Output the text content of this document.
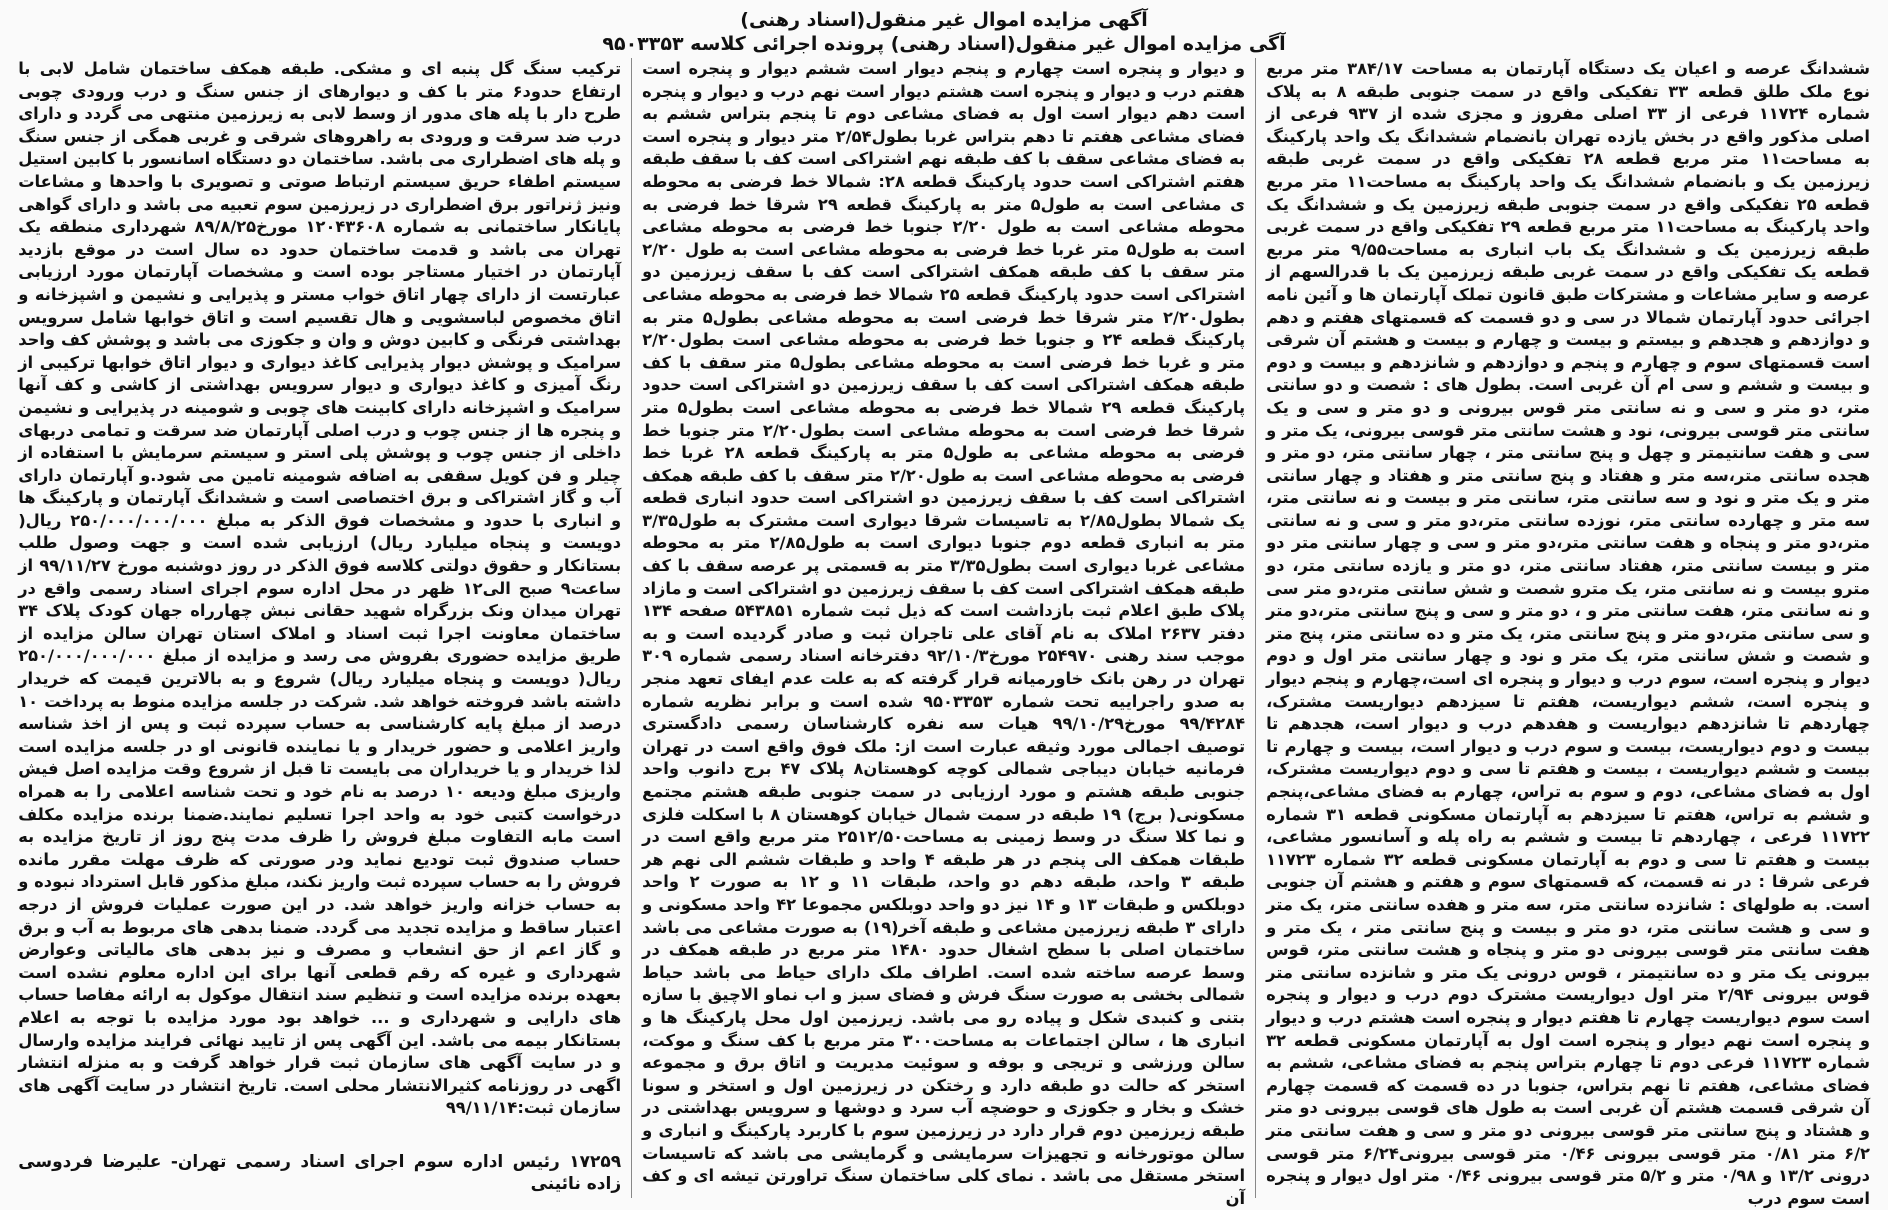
آگهی مزایده اموال غیر منقول(اسناد رهنی)
آگی مزایده اموال غیر منقول(اسناد رهنی) پرونده اجرائی کلاسه ۹۵۰۳۳۵۳
ششدانگ عرصه و اعیان یک دستگاه آپارتمان به مساحت ۳۸۴/۱۷ متر مربع نوع ملک طلق قطعه ۳۳ تفکیکی واقع در سمت جنوبی طبقه ۸ به پلاک شماره ۱۱۷۲۴ فرعی از ۳۳ اصلی مفروز و مجزی شده از ۹۳۷ فرعی از اصلی مذکور واقع در بخش یازده تهران بانضمام ششدانگ یک واحد پارکینگ به مساحت۱۱ متر مربع قطعه ۲۸ تفکیکی واقع در سمت غربی طبقه زیرزمین یک و بانضمام ششدانگ یک واحد پارکینگ به مساحت۱۱ متر مربع قطعه ۲۵ تفکیکی واقع در سمت جنوبی طبقه زیرزمین یک و ششدانگ یک واحد پارکینگ به مساحت۱۱ متر مربع قطعه ۲۹ تفکیکی واقع در سمت غربی طبقه زیرزمین یک و ششدانگ یک باب انباری به مساحت۹/۵۵ متر مربع قطعه یک تفکیکی واقع در سمت غربی طبقه زیرزمین یک با قدرالسهم از عرصه و سایر مشاعات و مشترکات طبق قانون تملک آپارتمان ها و آئین نامه اجرائی حدود آپارتمان شمالا در سی و دو قسمت که قسمتهای هفتم و دهم و دوازدهم و هجدهم و بیستم و بیست و چهارم و بیست و هشتم آن شرقی است قسمتهای سوم و چهارم و پنجم و دوازدهم و شانزدهم و بیست و دوم و بیست و ششم و سی ام آن غربی است. بطول های : شصت و دو سانتی متر، دو متر و سی و نه سانتی متر قوس بیرونی و دو متر و سی و یک سانتی متر قوسی بیرونی، نود و هشت سانتی متر قوسی بیرونی، یک متر و سی و هفت سانتیمتر و چهل و پنج سانتی متر ، چهار سانتی متر، دو متر و هجده سانتی متر،سه متر و هفتاد و پنج سانتی متر و هفتاد و چهار سانتی متر و یک متر و نود و سه سانتی متر، سانتی متر و بیست و نه سانتی متر، سه متر و چهارده سانتی متر، نوزده سانتی متر،دو متر و سی و نه سانتی متر،دو متر و پنجاه و هفت سانتی متر،دو متر و سی و چهار سانتی متر دو متر و بیست سانتی متر، هفتاد سانتی متر، دو متر و یازده سانتی متر، دو مترو بیست و نه سانتی متر، یک مترو شصت و شش سانتی متر،دو متر سی و نه سانتی متر، هفت سانتی متر و ، دو متر و سی و پنج سانتی متر،دو متر و سی سانتی متر،دو متر و پنج سانتی متر، یک متر و ده سانتی متر، پنج متر و شصت و شش سانتی متر، یک متر و نود و چهار سانتی متر اول و دوم دیوار و پنجره است، سوم درب و دیوار و پنجره ای است،چهارم و پنجم دیوار و پنجره است، ششم دیواریست، هفتم تا سیزدهم دیواریست مشترک، چهاردهم تا شانزدهم دیواریست و هفدهم درب و دیوار است، هجدهم تا بیست و دوم دیواریست، بیست و سوم درب و دیوار است، بیست و چهارم تا بیست و ششم دیواریست ، بیست و هفتم تا سی و دوم دیواریست مشترک، اول به فضای مشاعی، دوم و سوم به تراس، چهارم به فضای مشاعی،پنجم و ششم به تراس، هفتم تا سیزدهم به آپارتمان مسکونی قطعه ۳۱ شماره ۱۱۷۲۲ فرعی ، چهاردهم تا بیست و ششم به راه پله و آسانسور مشاعی، بیست و هفتم تا سی و دوم به آپارتمان مسکونی قطعه ۳۲ شماره ۱۱۷۲۳ فرعی شرقا : در نه قسمت، که قسمتهای سوم و هفتم و هشتم آن جنوبی است. به طولهای : شانزده سانتی متر، سه متر و هفده سانتی متر، یک متر و سی و هشت سانتی متر، دو متر و بیست و پنج سانتی متر ، یک متر و هفت سانتی متر قوسی بیرونی دو متر و پنجاه و هشت سانتی متر، قوس بیرونی یک متر و ده سانتیمتر ، قوس درونی یک متر و شانزده سانتی متر قوس بیرونی ۲/۹۴ متر اول دیواریست مشترک دوم درب و دیوار و پنجره است سوم دیواریست چهارم تا هفتم دیوار و پنجره است هشتم درب و دیوار و پنجره است نهم دیوار و پنجره است اول به آپارتمان مسکونی قطعه ۳۲ شماره ۱۱۷۲۳ فرعی دوم تا چهارم بتراس پنجم به فضای مشاعی، ششم به فضای مشاعی، هفتم تا نهم بتراس، جنوبا در ده قسمت که قسمت چهارم آن شرقی قسمت هشتم آن غربی است به طول های قوسی بیرونی دو متر و هشتاد و پنج سانتی متر قوسی بیرونی دو متر و سی و هفت سانتی متر ۶/۲ متر ۰/۸۱ متر قوسی بیرونی ۰/۴۶ متر قوسی بیرونی۶/۲۴ متر قوسی درونی ۱۳/۲ و ۰/۹۸ متر و ۵/۲ متر قوسی بیرونی ۰/۴۶ متر اول دیوار و پنجره است سوم درب
و دیوار و پنجره است چهارم و پنجم دیوار است ششم دیوار و پنجره است هفتم درب و دیوار و پنجره است هشتم دیوار است نهم درب و دیوار و پنجره است دهم دیوار است اول به فضای مشاعی دوم تا پنجم بتراس ششم به فضای مشاعی هفتم تا دهم بتراس غربا بطول۲/۵۴ متر دیوار و پنجره است به فضای مشاعی سقف با کف طبقه نهم اشتراکی است کف با سقف طبقه هفتم اشتراکی است حدود پارکینگ قطعه ۲۸: شمالا خط فرضی به محوطه ی مشاعی است به طول۵ متر به پارکینگ قطعه ۲۹ شرقا خط فرضی به محوطه مشاعی است به طول ۲/۲۰ جنوبا خط فرضی به محوطه مشاعی است به طول۵ متر غربا خط فرضی به محوطه مشاعی است به طول ۲/۲۰ متر سقف با کف طبقه همکف اشتراکی است کف با سقف زیرزمین دو اشتراکی است حدود پارکینگ قطعه ۲۵ شمالا خط فرضی به محوطه مشاعی بطول۲/۲۰ متر شرقا خط فرضی است به محوطه مشاعی بطول۵ متر به پارکینگ قطعه ۲۴ و جنوبا خط فرضی به محوطه مشاعی است بطول۲/۲۰ متر و غربا خط فرضی است به محوطه مشاعی بطول۵ متر سقف با کف طبقه همکف اشتراکی است کف با سقف زیرزمین دو اشتراکی است حدود پارکینگ قطعه ۲۹ شمالا خط فرضی به محوطه مشاعی است بطول۵ متر شرقا خط فرضی است به محوطه مشاعی است بطول۲/۲۰ متر جنوبا خط فرضی به محوطه مشاعی به طول۵ متر به پارکینگ قطعه ۲۸ غربا خط فرضی به محوطه مشاعی است به طول۲/۲۰ متر سقف با کف طبقه همکف اشتراکی است کف با سقف زیرزمین دو اشتراکی است حدود انباری قطعه یک شمالا بطول۲/۸۵ به تاسیسات شرقا دیواری است مشترک به طول۳/۳۵ متر به انباری قطعه دوم جنوبا دیواری است به طول۲/۸۵ متر به محوطه مشاعی غربا دیواری است بطول۳/۳۵ متر به قسمتی پر عرصه سقف با کف طبقه همکف اشتراکی است کف با سقف زیرزمین دو اشتراکی است و مازاد پلاک طبق اعلام ثبت بازداشت است که ذیل ثبت شماره ۵۴۳۸۵۱ صفحه ۱۳۴ دفتر ۲۶۳۷ املاک به نام آقای علی تاجران ثبت و صادر گردیده است و به موجب سند رهنی ۲۵۴۹۷۰ مورخ۹۲/۱۰/۳ دفترخانه اسناد رسمی شماره ۳۰۹ تهران در رهن بانک خاورمیانه قرار گرفته که به علت عدم ایفای تعهد منجر به صدو راجراییه تحت شماره ۹۵۰۳۳۵۳ شده است و برابر نظریه شماره ۹۹/۴۲۸۴ مورخ۹۹/۱۰/۲۹ هیات سه نفره کارشناسان رسمی دادگستری توصیف اجمالی مورد وثیقه عبارت است از: ملک فوق واقع است در تهران فرمانیه خیابان دیباجی شمالی کوچه کوهستان۸ پلاک ۴۷ برج دانوب واحد جنوبی طبقه هشتم و مورد ارزیابی در سمت جنوبی طبقه هشتم مجتمع مسکونی( برج) ۱۹ طبقه در سمت شمال خیابان کوهستان ۸ با اسکلت فلزی و نما کلا سنگ در وسط زمینی به مساحت۲۵۱۲/۵۰ متر مربع واقع است در طبقات همکف الی پنجم در هر طبقه ۴ واحد و طبقات ششم الی نهم هر طبقه ۳ واحد، طبقه دهم دو واحد، طبقات ۱۱ و ۱۲ به صورت ۲ واحد دوبلکس و طبقات ۱۳ و ۱۴ نیز دو واحد دوبلکس مجموعا ۴۲ واحد مسکونی و دارای ۳ طبقه زیرزمین مشاعی و طبقه آخر(۱۹) به صورت مشاعی می باشد ساختمان اصلی با سطح اشغال حدود ۱۴۸۰ متر مربع در طبقه همکف در وسط عرصه ساخته شده است. اطراف ملک دارای حیاط می باشد حیاط شمالی بخشی به صورت سنگ فرش و فضای سبز و اب نماو الاچیق با سازه بتنی و کنبدی شکل و پیاده رو می باشد. زیرزمین اول محل پارکینگ ها و انباری ها ، سالن اجتماعات به مساحت۳۰۰ متر مربع با کف سنگ و موکت، سالن ورزشی و تریجی و بوفه و سوئیت مدیریت و اتاق برق و مجموعه استخر که حالت دو طبقه دارد و رختکن در زیرزمین اول و استخر و سونا خشک و بخار و جکوزی و حوضچه آب سرد و دوشها و سرویس بهداشتی در طبقه زیرزمین دوم قرار دارد در زیرزمین سوم با کاربرد پارکینگ و انباری و سالن موتورخانه و تجهیزات سرمایشی و گرمایشی می باشد که تاسیسات استخر مستقل می باشد . نمای کلی ساختمان سنگ تراورتن تیشه ای و کف آن
ترکیب سنگ گل پنبه ای و مشکی. طبقه همکف ساختمان شامل لابی با ارتفاع حدود۶ متر با کف و دیوارهای از جنس سنگ و درب ورودی چوبی طرح دار با پله های مدور از وسط لابی به زیرزمین منتهی می گردد و دارای درب ضد سرقت و ورودی به راهروهای شرقی و غربی همگی از جنس سنگ و پله های اضطراری می باشد. ساختمان دو دستگاه اسانسور با کابین استیل سیستم اطفاء حریق سیستم ارتباط صوتی و تصویری با واحدها و مشاعات ونیز ژنراتور برق اضطراری در زیرزمین سوم تعبیه می باشد و دارای گواهی پایانکار ساختمانی به شماره ۱۲۰۴۳۶۰۸ مورخ۸۹/۸/۲۵ شهرداری منطقه یک تهران می باشد و قدمت ساختمان حدود ده سال است در موقع بازدید آپارتمان در اختیار مستاجر بوده است و مشخصات آپارتمان مورد ارزیابی عبارتست از دارای چهار اتاق خواب مستر و پذیرایی و نشیمن و اشپزخانه و اتاق مخصوص لباسشویی و هال تقسیم است و اتاق خوابها شامل سرویس بهداشتی فرنگی و کابین دوش و وان و جکوزی می باشد و پوشش کف واحد سرامیک و پوشش دیوار پذیرایی کاغذ دیواری و دیوار اتاق خوابها ترکیبی از رنگ آمیزی و کاغذ دیواری و دیوار سرویس بهداشتی از کاشی و کف آنها سرامیک و اشپزخانه دارای کابینت های چوبی و شومینه در پذیرایی و نشیمن و پنجره ها از جنس چوب و درب اصلی آپارتمان ضد سرقت و تمامی دربهای داخلی از جنس چوب و پوشش پلی استر و سیستم سرمایش با استفاده از چیلر و فن کویل سقفی به اضافه شومینه تامین می شود.و آپارتمان دارای آب و گاز اشتراکی و برق اختصاصی است و ششدانگ آپارتمان و پارکینگ ها و انباری با حدود و مشخصات فوق الذکر به مبلغ ۲۵۰/۰۰۰/۰۰۰/۰۰۰ ریال( دویست و پنجاه میلیارد ریال) ارزیابی شده است و جهت وصول طلب بستانکار و حقوق دولتی کلاسه فوق الذکر در روز دوشنبه مورخ ۹۹/۱۱/۲۷ از ساعت۹ صبح الی۱۲ ظهر در محل اداره سوم اجرای اسناد رسمی واقع در تهران میدان ونک بزرگراه شهید حقانی نبش چهارراه جهان کودک پلاک ۳۴ ساختمان معاونت اجرا ثبت اسناد و املاک استان تهران سالن مزایده از طریق مزایده حضوری بفروش می رسد و مزایده از مبلغ ۲۵۰/۰۰۰/۰۰۰/۰۰۰ ریال( دویست و پنجاه میلیارد ریال) شروع و به بالاترین قیمت که خریدار داشته باشد فروخته خواهد شد. شرکت در جلسه مزایده منوط به پرداخت ۱۰ درصد از مبلغ پایه کارشناسی به حساب سپرده ثبت و پس از اخذ شناسه واریز اعلامی و حضور خریدار و یا نماینده قانونی او در جلسه مزایده است لذا خریدار و یا خریداران می بایست تا قبل از شروع وقت مزایده اصل فیش واریزی مبلغ ودیعه ۱۰ درصد به نام خود و تحت شناسه اعلامی را به همراه درخواست کتبی خود به واحد اجرا تسلیم نمایند.ضمنا برنده مزایده مکلف است مابه التفاوت مبلغ فروش را ظرف مدت پنج روز از تاریخ مزایده به حساب صندوق ثبت تودیع نماید ودر صورتی که ظرف مهلت مقرر مانده فروش را به حساب سپرده ثبت واریز نکند، مبلغ مذکور قابل استرداد نبوده و به حساب خزانه واریز خواهد شد. در این صورت عملیات فروش از درجه اعتبار ساقط و مزایده تجدید می گردد. ضمنا بدهی های مربوط به آب و برق و گاز اعم از حق انشعاب و مصرف و نیز بدهی های مالیاتی وعوارض شهرداری و غیره که رقم قطعی آنها برای این اداره معلوم نشده است بعهده برنده مزایده است و تنظیم سند انتقال موکول به ارائه مفاصا حساب های دارایی و شهرداری و ... خواهد بود مورد مزایده با توجه به اعلام بستانکار بیمه می باشد. این آگهی پس از تایید نهائی فرایند مزایده وارسال و در سایت آگهی های سازمان ثبت قرار خواهد گرفت و به منزله انتشار اگهی در روزنامه کثیرالانتشار محلی است. تاریخ انتشار در سایت آگهی های سازمان ثبت:۹۹/۱۱/۱۴
۱۷۲۵۹ رئیس اداره سوم اجرای اسناد رسمی تهران- علیرضا فردوسی زاده نائینی
